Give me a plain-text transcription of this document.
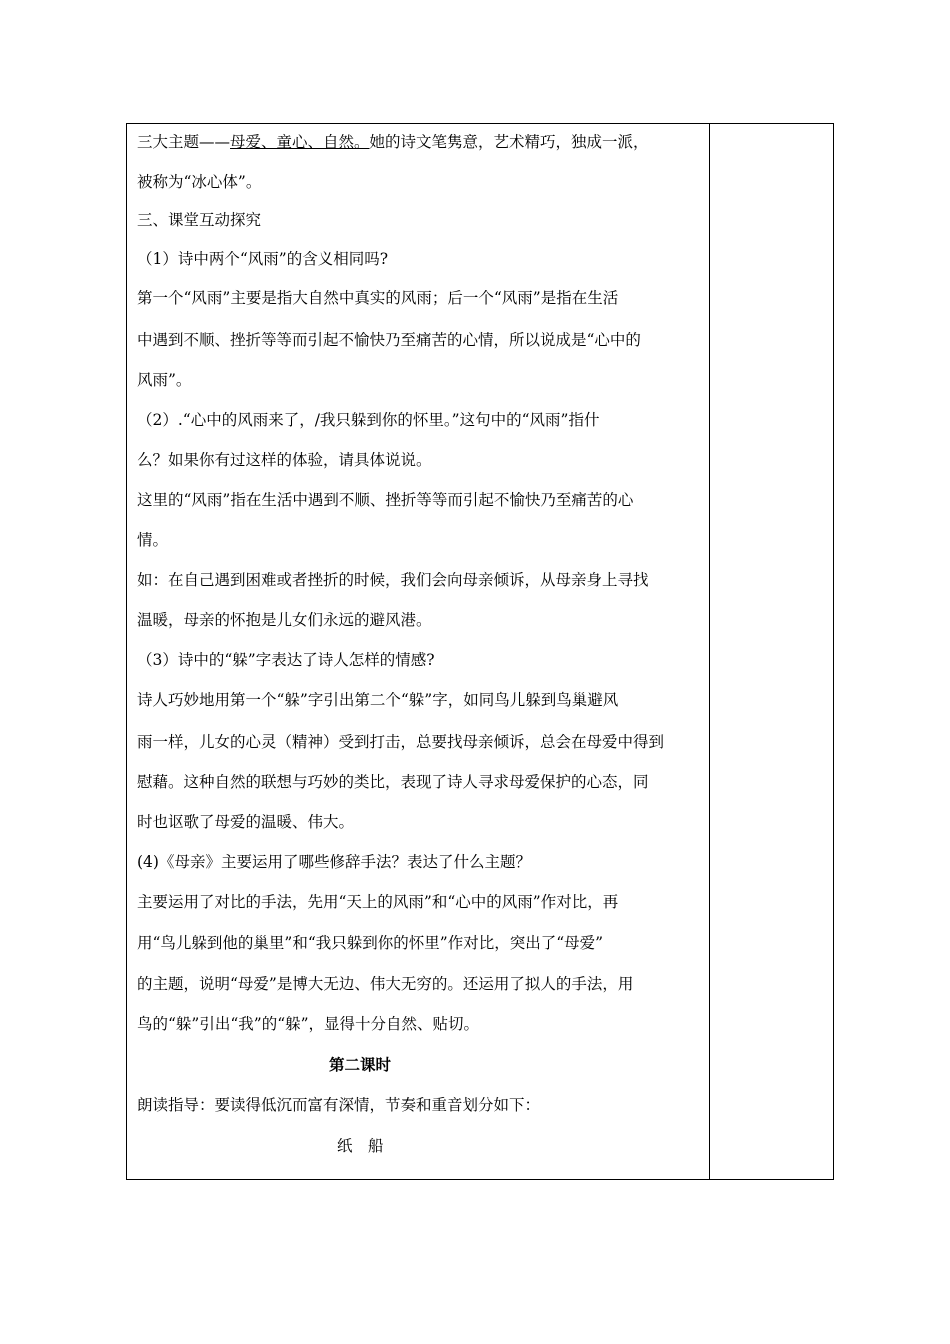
三大主题——母爱、童心、自然。她的诗文笔隽意，艺术精巧，独成一派，
被称为“冰心体”。
三、课堂互动探究
（1）诗中两个“风雨”的含义相同吗?
第一个“风雨”主要是指大自然中真实的风雨；后一个“风雨”是指在生活
中遇到不顺、挫折等等而引起不愉快乃至痛苦的心情，所以说成是“心中的
风雨”。
（2）.“心中的风雨来了，/我只躲到你的怀里。”这句中的“风雨”指什
么？如果你有过这样的体验，请具体说说。
这里的“风雨”指在生活中遇到不顺、挫折等等而引起不愉快乃至痛苦的心
情。
如：在自己遇到困难或者挫折的时候，我们会向母亲倾诉，从母亲身上寻找
温暖，母亲的怀抱是儿女们永远的避风港。
（3）诗中的“躲”字表达了诗人怎样的情感?
诗人巧妙地用第一个“躲”字引出第二个“躲”字，如同鸟儿躲到鸟巢避风
雨一样，儿女的心灵（精神）受到打击，总要找母亲倾诉，总会在母爱中得到
慰藉。这种自然的联想与巧妙的类比，表现了诗人寻求母爱保护的心态，同
时也讴歌了母爱的温暖、伟大。
(4)《母亲》主要运用了哪些修辞手法？表达了什么主题？
主要运用了对比的手法，先用“天上的风雨”和“心中的风雨”作对比，再
用“鸟儿躲到他的巢里”和“我只躲到你的怀里”作对比，突出了“母爱”
的主题，说明“母爱”是博大无边、伟大无穷的。还运用了拟人的手法，用
鸟的“躲”引出“我”的“躲”，显得十分自然、贴切。
第二课时
朗读指导：要读得低沉而富有深情，节奏和重音划分如下：
纸　船
